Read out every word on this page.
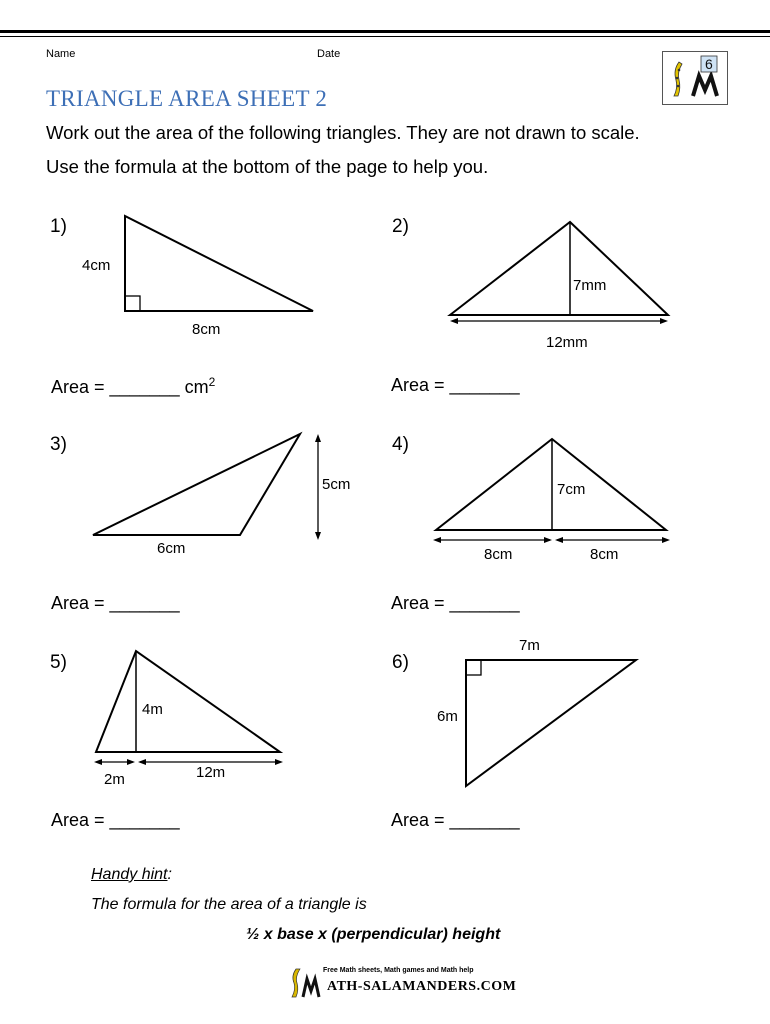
Name	Date
6
TRIANGLE AREA SHEET 2
Work out the area of the following triangles. They are not drawn to scale.
Use the formula at the bottom of the page to help you.
1)
4cm
8cm
Area = _______ $cm^2$
2)
7mm
12mm
Area = _______
3)
5cm
6cm
Area = _______
4)
7cm
8cm	8cm
Area = _______
5)
4m
2m	12m
Area = _______
6)
7m
6m
Area = _______
Handy hint:
The formula for the area of a triangle is
½ x base x (perpendicular) height
Free Math sheets, Math games and Math help
ATH-SALAMANDERS.COM
